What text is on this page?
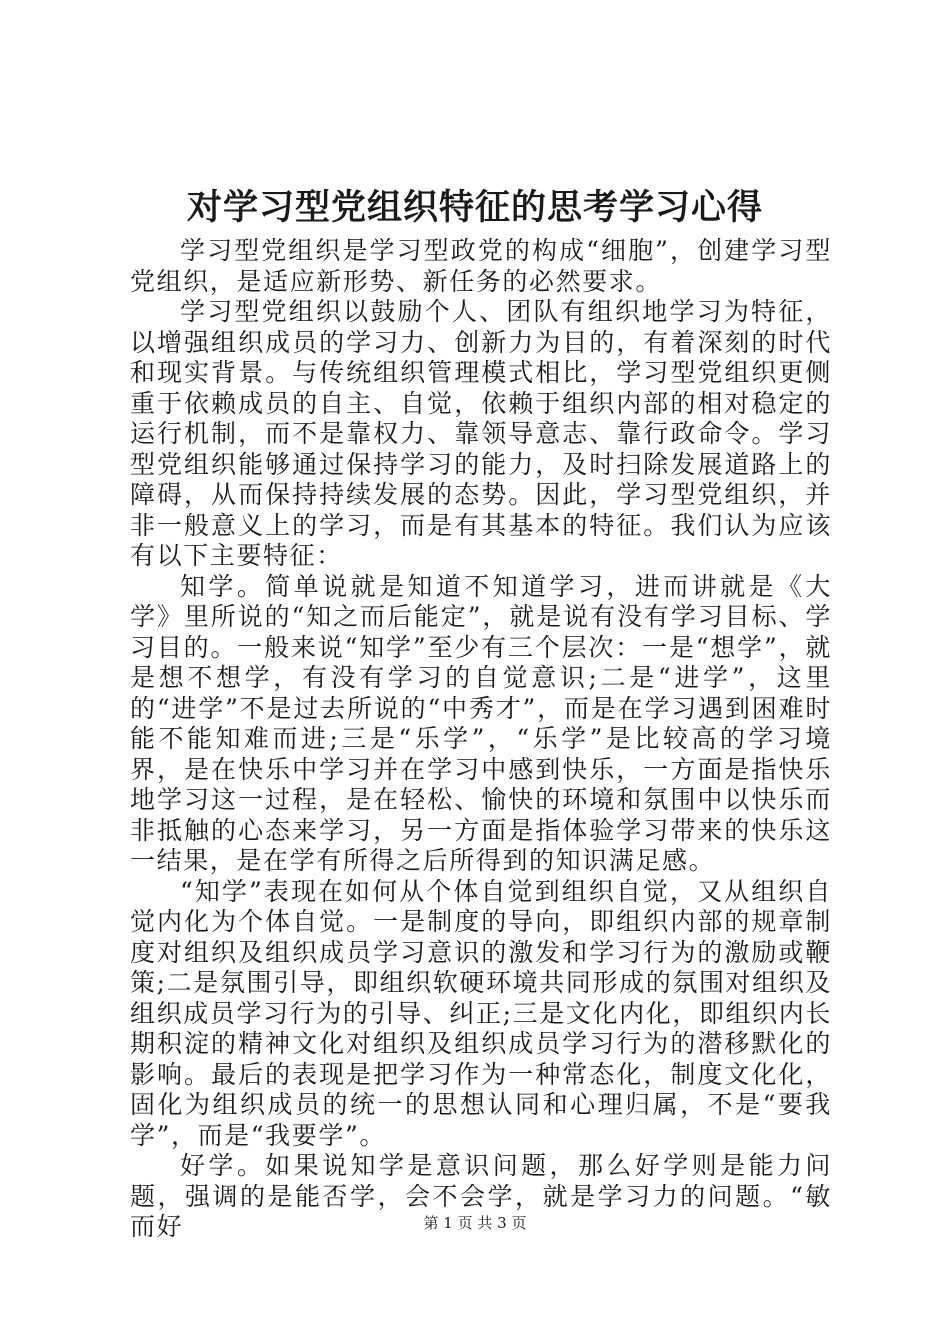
对学习型党组织特征的思考学习心得

学习型党组织是学习型政党的构成“细胞”，创建学习型党组织，是适应新形势、新任务的必然要求。

学习型党组织以鼓励个人、团队有组织地学习为特征，以增强组织成员的学习力、创新力为目的，有着深刻的时代和现实背景。与传统组织管理模式相比，学习型党组织更侧重于依赖成员的自主、自觉，依赖于组织内部的相对稳定的运行机制，而不是靠权力、靠领导意志、靠行政命令。学习型党组织能够通过保持学习的能力，及时扫除发展道路上的障碍，从而保持持续发展的态势。因此，学习型党组织，并非一般意义上的学习，而是有其基本的特征。我们认为应该有以下主要特征：

知学。简单说就是知道不知道学习，进而讲就是《大学》里所说的“知之而后能定”，就是说有没有学习目标、学习目的。一般来说“知学”至少有三个层次：一是“想学”，就是想不想学，有没有学习的自觉意识;二是“进学”，这里的“进学”不是过去所说的“中秀才”，而是在学习遇到困难时能不能知难而进;三是“乐学”，“乐学”是比较高的学习境界，是在快乐中学习并在学习中感到快乐，一方面是指快乐地学习这一过程，是在轻松、愉快的环境和氛围中以快乐而非抵触的心态来学习，另一方面是指体验学习带来的快乐这一结果，是在学有所得之后所得到的知识满足感。

“知学”表现在如何从个体自觉到组织自觉，又从组织自觉内化为个体自觉。一是制度的导向，即组织内部的规章制度对组织及组织成员学习意识的激发和学习行为的激励或鞭策;二是氛围引导，即组织软硬环境共同形成的氛围对组织及组织成员学习行为的引导、纠正;三是文化内化，即组织内长期积淀的精神文化对组织及组织成员学习行为的潜移默化的影响。最后的表现是把学习作为一种常态化，制度文化化，固化为组织成员的统一的思想认同和心理归属，不是“要我学”，而是“我要学”。

好学。如果说知学是意识问题，那么好学则是能力问题，强调的是能否学，会不会学，就是学习力的问题。“敏而好	第 1 页 共 3 页
